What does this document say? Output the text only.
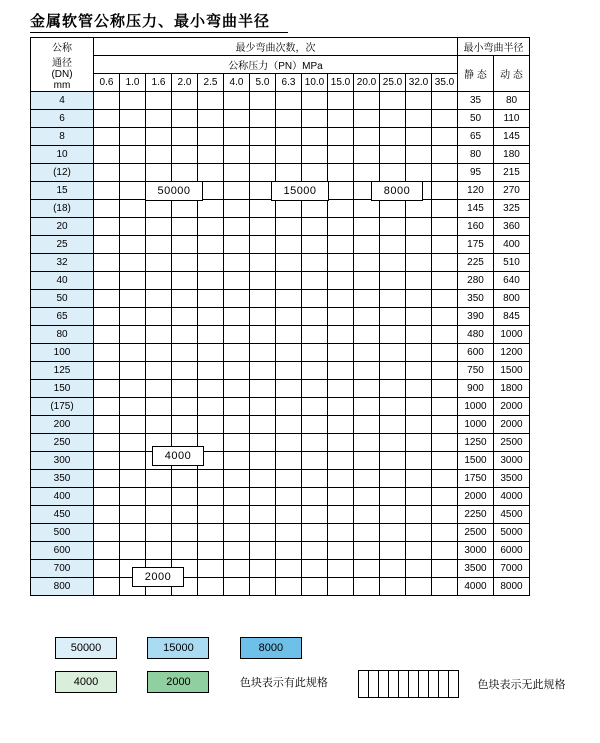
金属软管公称压力、最小弯曲半径
公称
通径
(DN)
mm	最少弯曲次数，次														最小弯曲半径	
	公称压力（PN）MPa														静 态	动 态
	0.6	1.0	1.6	2.0	2.5	4.0	5.0	6.3	10.0	15.0	20.0	25.0	32.0	35.0		
4															35	80
6															50	110
8															65	145
10															80	180
(12)															95	215
15															120	270
(18)															145	325
20															160	360
25															175	400
32															225	510
40															280	640
50															350	800
65															390	845
80															480	1000
100															600	1200
125															750	1500
150															900	1800
(175)															1000	2000
200															1000	2000
250															1250	2500
300															1500	3000
350															1750	3500
400															2000	4000
450															2250	4500
500															2500	5000
600															3000	6000
700															3500	7000
800															4000	8000
50000	15000	8000
4000
2000
50000	15000	8000
4000	2000	色块表示有此规格
										色块表示无此规格
